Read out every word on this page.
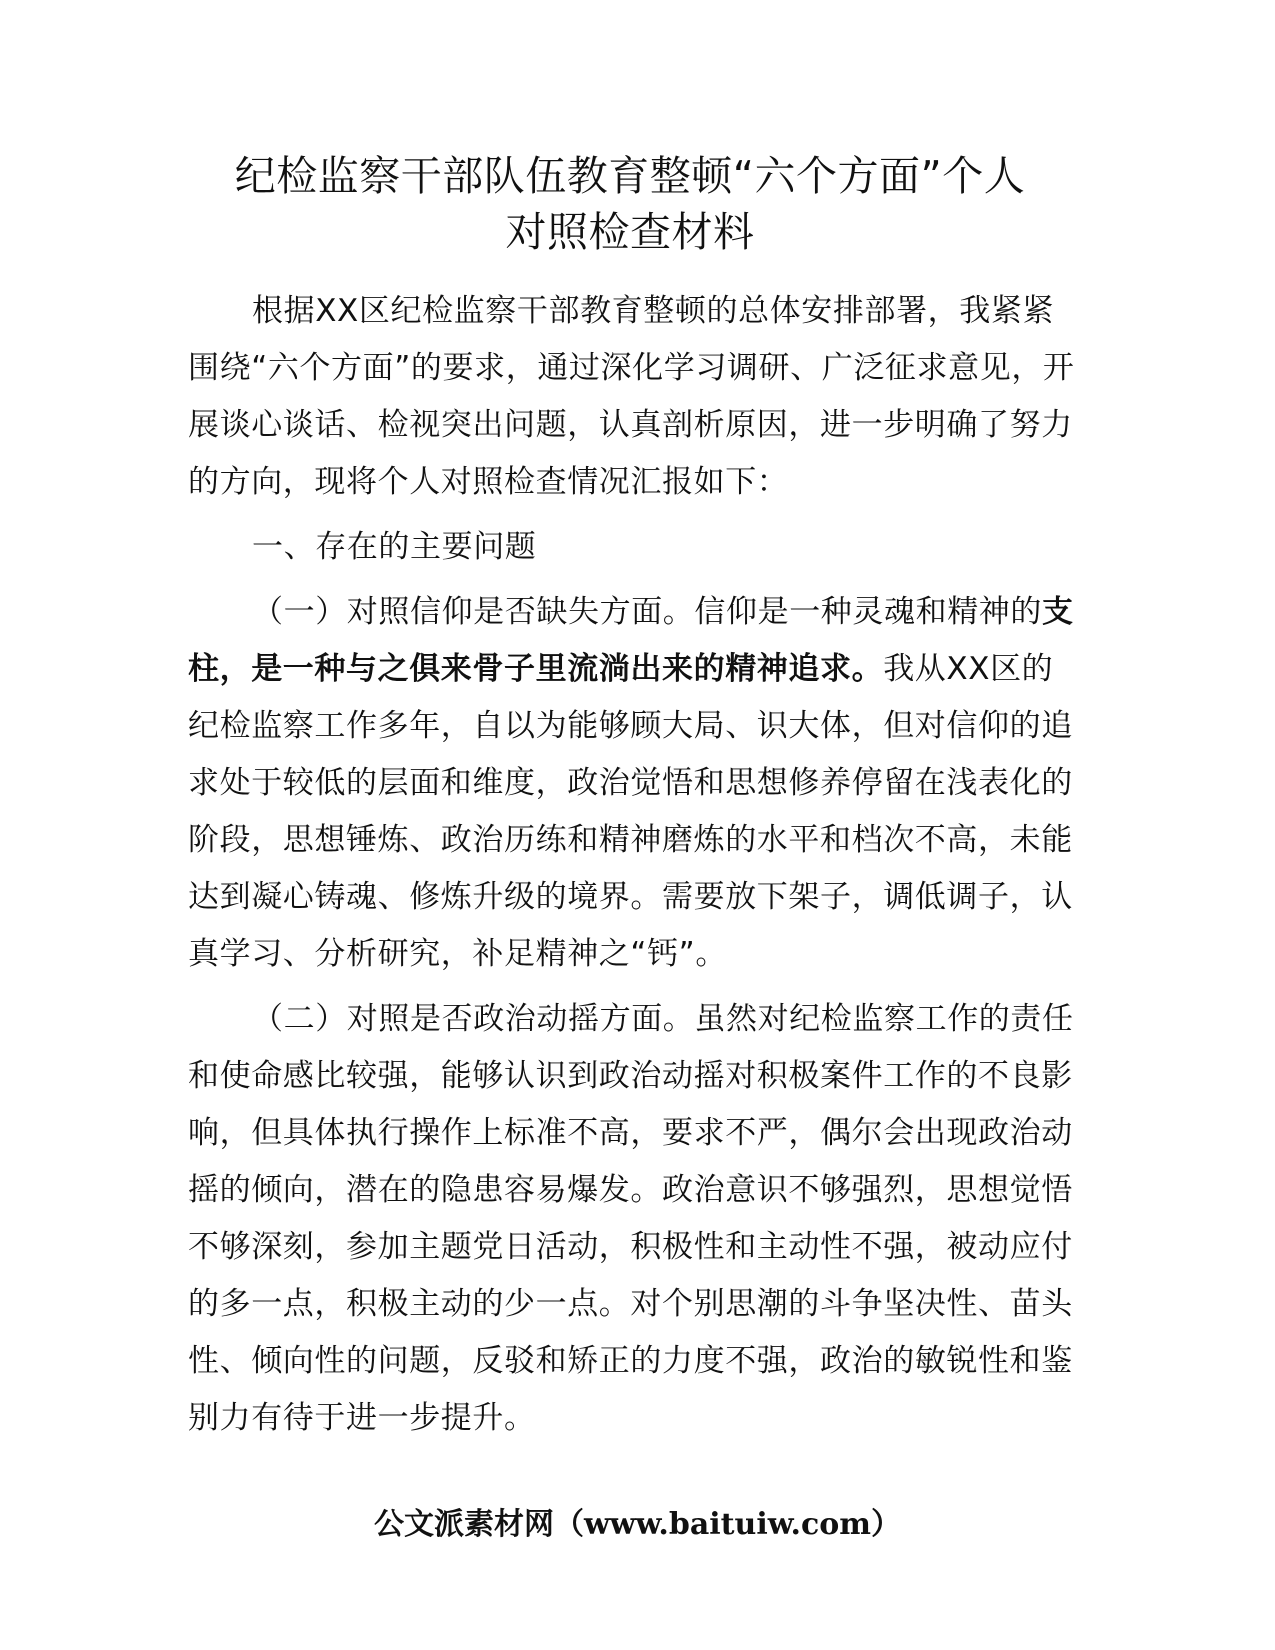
纪检监察干部队伍教育整顿“六个方面”个人
对照检查材料

根据XX区纪检监察干部教育整顿的总体安排部署，我紧紧围绕“六个方面”的要求，通过深化学习调研、广泛征求意见，开展谈心谈话、检视突出问题，认真剖析原因，进一步明确了努力的方向，现将个人对照检查情况汇报如下：

一、存在的主要问题

（一）对照信仰是否缺失方面。信仰是一种灵魂和精神的支柱，是一种与之俱来骨子里流淌出来的精神追求。我从XX区的纪检监察工作多年，自以为能够顾大局、识大体，但对信仰的追求处于较低的层面和维度，政治觉悟和思想修养停留在浅表化的阶段，思想锤炼、政治历练和精神磨炼的水平和档次不高，未能达到凝心铸魂、修炼升级的境界。需要放下架子，调低调子，认真学习、分析研究，补足精神之“钙”。

（二）对照是否政治动摇方面。虽然对纪检监察工作的责任和使命感比较强，能够认识到政治动摇对积极案件工作的不良影响，但具体执行操作上标准不高，要求不严，偶尔会出现政治动摇的倾向，潜在的隐患容易爆发。政治意识不够强烈，思想觉悟不够深刻，参加主题党日活动，积极性和主动性不强，被动应付的多一点，积极主动的少一点。对个别思潮的斗争坚决性、苗头性、倾向性的问题，反驳和矫正的力度不强，政治的敏锐性和鉴别力有待于进一步提升。

公文派素材网（www.baituiw.com）
